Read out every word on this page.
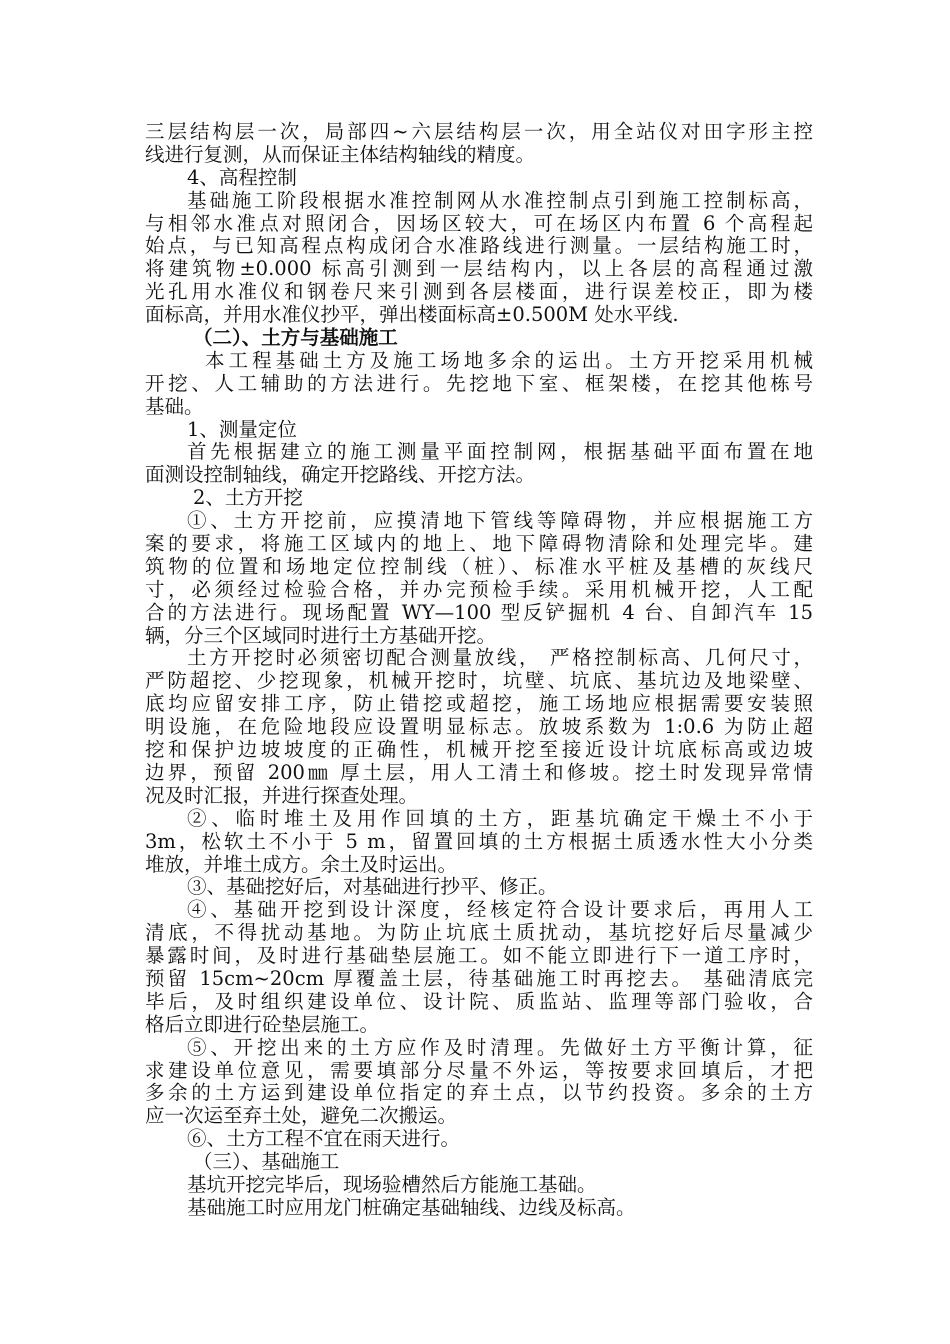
三层结构层一次，局部四~六层结构层一次，用全站仪对田字形主控
线进行复测，从而保证主体结构轴线的精度。
4、高程控制
基础施工阶段根据水准控制网从水准控制点引到施工控制标高，
与相邻水准点对照闭合，因场区较大，可在场区内布置 6 个高程起
始点，与已知高程点构成闭合水准路线进行测量。一层结构施工时，
将建筑物±0.000 标高引测到一层结构内，以上各层的高程通过激
光孔用水准仪和钢卷尺来引测到各层楼面，进行误差校正，即为楼
面标高，并用水准仪抄平，弹出楼面标高±0.500M 处水平线.
（二）、土方与基础施工
本工程基础土方及施工场地多余的运出。土方开挖采用机械
开挖、人工辅助的方法进行。先挖地下室、框架楼，在挖其他栋号
基础。
1、测量定位
首先根据建立的施工测量平面控制网，根据基础平面布置在地
面测设控制轴线，确定开挖路线、开挖方法。
2、土方开挖
①、土方开挖前，应摸清地下管线等障碍物，并应根据施工方
案的要求，将施工区域内的地上、地下障碍物清除和处理完毕。建
筑物的位置和场地定位控制线（桩）、标准水平桩及基槽的灰线尺
寸，必须经过检验合格，并办完预检手续。采用机械开挖，人工配
合的方法进行。现场配置 WY—100 型反铲掘机 4 台、自卸汽车 15
辆，分三个区域同时进行土方基础开挖。
土方开挖时必须密切配合测量放线， 严格控制标高、几何尺寸，
严防超挖、少挖现象，机械开挖时，坑壁、坑底、基坑边及地梁壁、
底均应留安排工序，防止错挖或超挖，施工场地应根据需要安装照
明设施，在危险地段应设置明显标志。放坡系数为 1:0.6 为防止超
挖和保护边坡坡度的正确性，机械开挖至接近设计坑底标高或边坡
边界，预留 200㎜ 厚土层，用人工清土和修坡。挖土时发现异常情
况及时汇报，并进行探查处理。
②、临时堆土及用作回填的土方，距基坑确定干燥土不小于
3m，松软土不小于 5 m，留置回填的土方根据土质透水性大小分类
堆放，并堆土成方。余土及时运出。
③、基础挖好后，对基础进行抄平、修正。
④、基础开挖到设计深度，经核定符合设计要求后，再用人工
清底，不得扰动基地。为防止坑底土质扰动，基坑挖好后尽量减少
暴露时间，及时进行基础垫层施工。如不能立即进行下一道工序时，
预留 15cm~20cm 厚覆盖土层，待基础施工时再挖去。 基础清底完
毕后，及时组织建设单位、设计院、质监站、监理等部门验收，合
格后立即进行砼垫层施工。
⑤、开挖出来的土方应作及时清理。先做好土方平衡计算，征
求建设单位意见，需要填部分尽量不外运，等按要求回填后，才把
多余的土方运到建设单位指定的弃土点，以节约投资。多余的土方
应一次运至弃土处，避免二次搬运。
⑥、土方工程不宜在雨天进行。
（三）、基础施工
基坑开挖完毕后，现场验槽然后方能施工基础。
基础施工时应用龙门桩确定基础轴线、边线及标高。
